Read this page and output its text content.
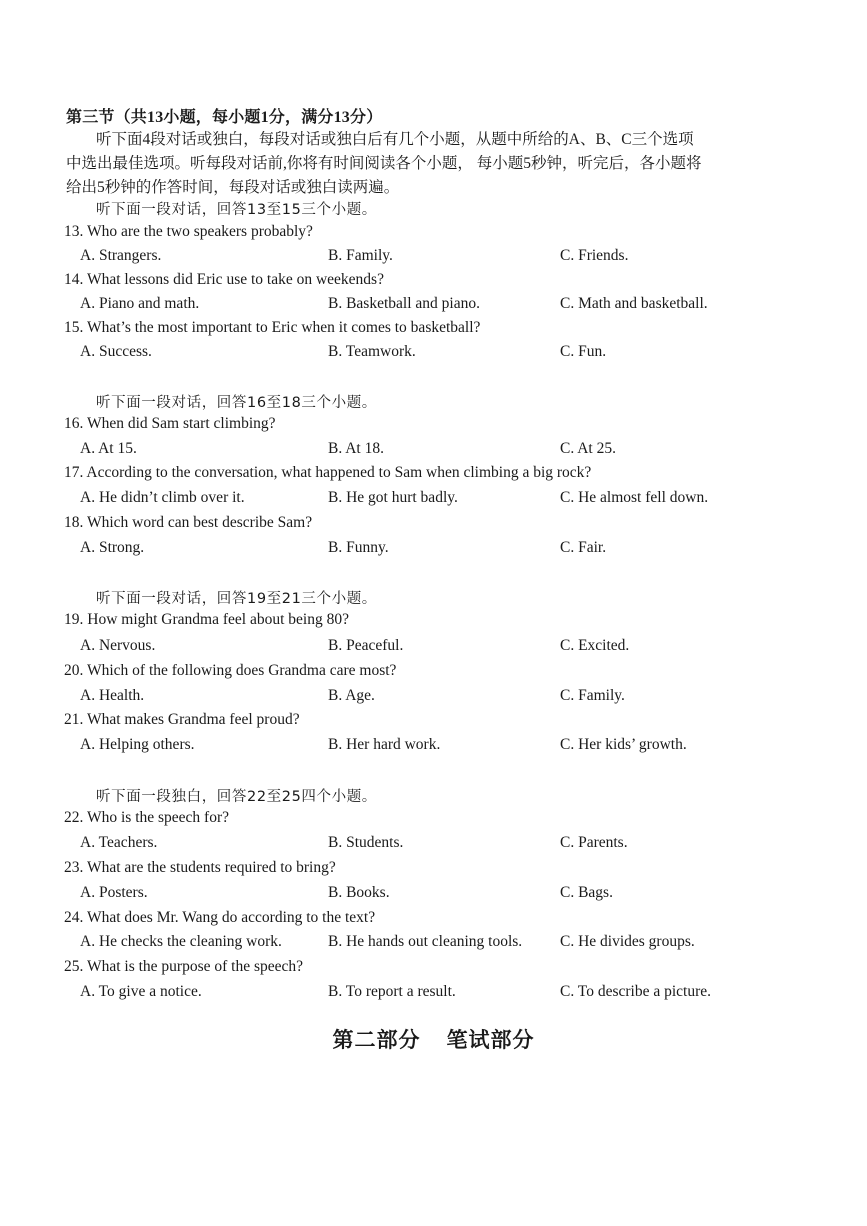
第三节（共13小题，每小题1分，满分13分）
听下面4段对话或独白，每段对话或独白后有几个小题，从题中所给的A、B、C三个选项
中选出最佳选项。听每段对话前,你将有时间阅读各个小题， 每小题5秒钟，听完后，各小题将
给出5秒钟的作答时间，每段对话或独白读两遍。
听下面一段对话，回答13至15三个小题。
13. Who are the two speakers probably?
A. Strangers.	B. Family.	C. Friends.
14. What lessons did Eric use to take on weekends?
A. Piano and math.	B. Basketball and piano.	C. Math and basketball.
15. What’s the most important to Eric when it comes to basketball?
A. Success.	B. Teamwork.	C. Fun.
听下面一段对话，回答16至18三个小题。
16. When did Sam start climbing?
A. At 15.	B. At 18.	C. At 25.
17. According to the conversation, what happened to Sam when climbing a big rock?
A. He didn’t climb over it.	B. He got hurt badly.	C. He almost fell down.
18. Which word can best describe Sam?
A. Strong.	B. Funny.	C. Fair.
听下面一段对话，回答19至21三个小题。
19. How might Grandma feel about being 80?
A. Nervous.	B. Peaceful.	C. Excited.
20. Which of the following does Grandma care most?
A. Health.	B. Age.	C. Family.
21. What makes Grandma feel proud?
A. Helping others.	B. Her hard work.	C. Her kids’ growth.
听下面一段独白，回答22至25四个小题。
22. Who is the speech for?
A. Teachers.	B. Students.	C. Parents.
23. What are the students required to bring?
A. Posters.	B. Books.	C. Bags.
24. What does Mr. Wang do according to the text?
A. He checks the cleaning work.	B. He hands out cleaning tools. C. He divides groups.
25. What is the purpose of the speech?
A. To give a notice.	B. To report a result.	C. To describe a picture.
第二部分 笔试部分
